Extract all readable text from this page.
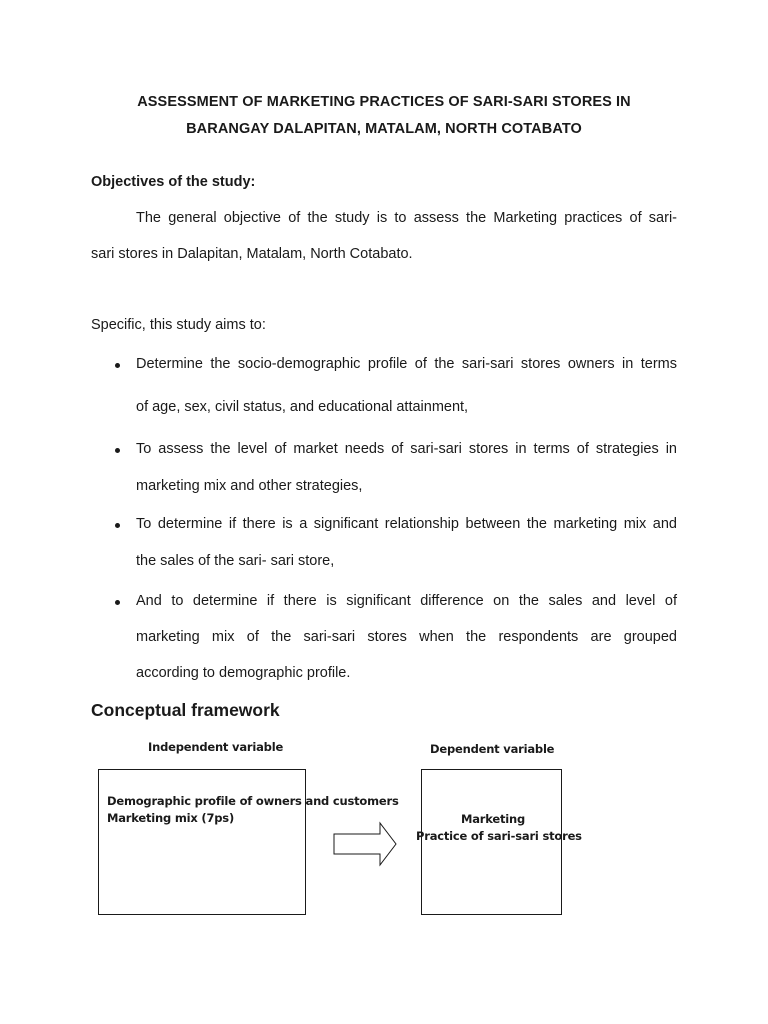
ASSESSMENT OF MARKETING PRACTICES OF SARI-SARI STORES IN
BARANGAY DALAPITAN, MATALAM, NORTH COTABATO
Objectives of the study:
The general objective of the study is to assess the Marketing practices of sari-
sari stores in Dalapitan, Matalam, North Cotabato.
Specific, this study aims to:
Determine the socio-demographic profile of the sari-sari stores owners in terms
of age, sex, civil status, and educational attainment,
To assess the level of market needs of sari-sari stores in terms of strategies in
marketing mix and other strategies,
To determine if there is a significant relationship between the marketing mix and
the sales of the sari- sari store,
And to determine if there is significant difference on the sales and level of
marketing mix of the sari-sari stores when the respondents are grouped
according to demographic profile.
Conceptual framework
Independent variable	Dependent variable
Demographic profile of owners and customers
Marketing mix (7ps)	Marketing
Practice of sari-sari stores
